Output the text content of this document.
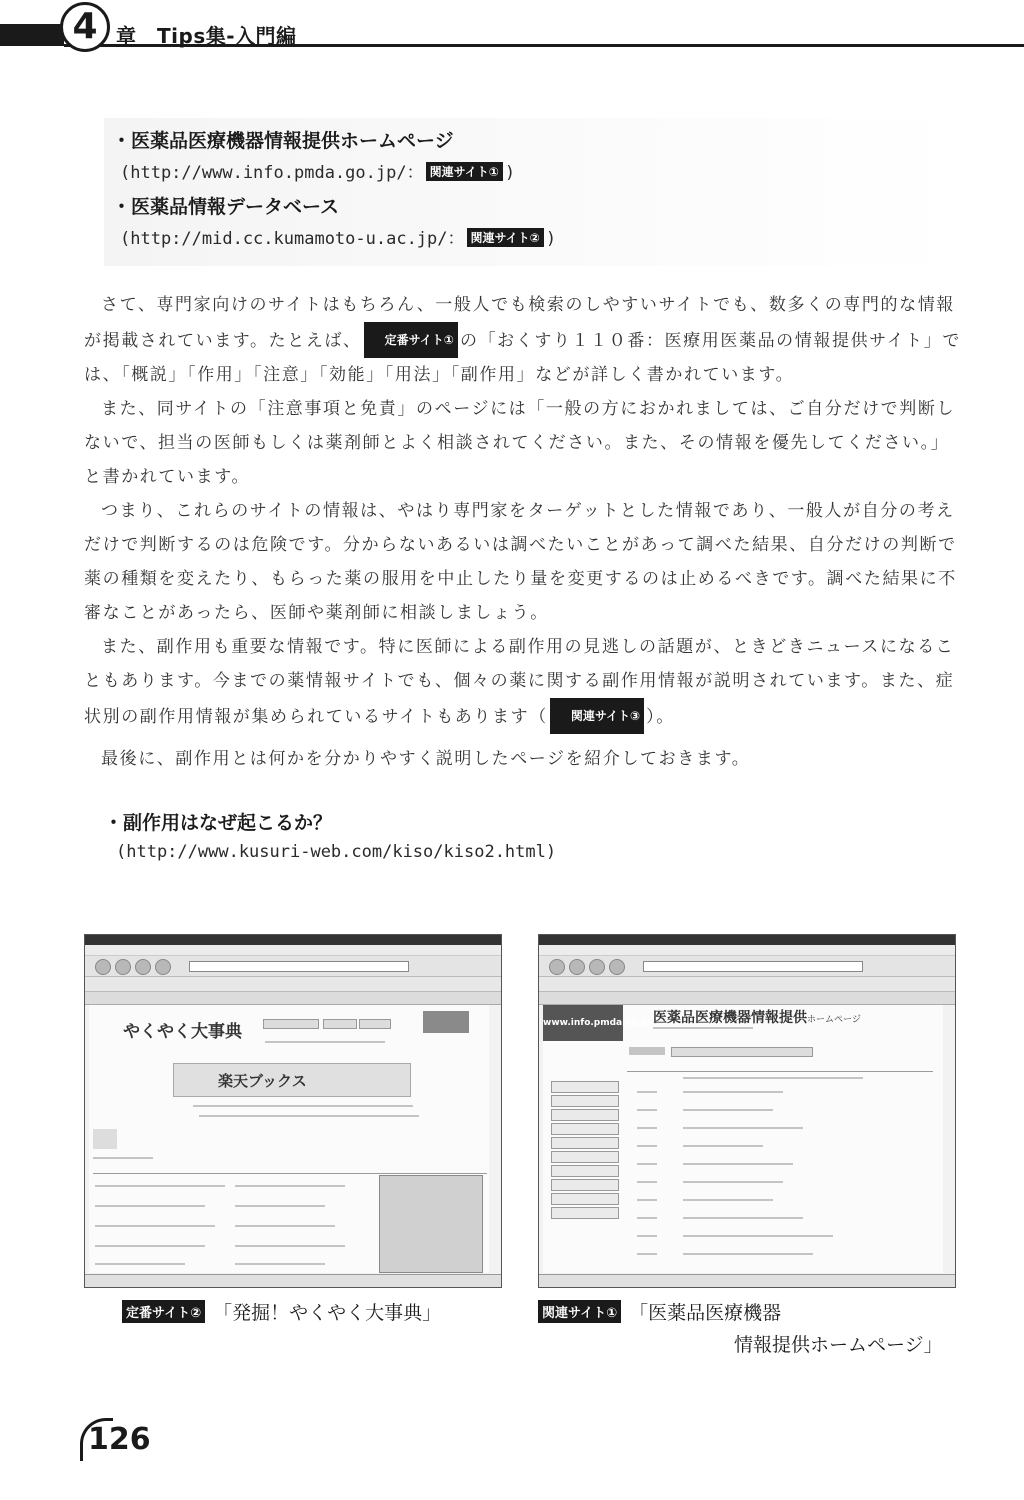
4 章　Tips集-入門編
・医薬品医療機器情報提供ホームページ
(http://www.info.pmda.go.jp/： 関連サイト① )
・医薬品情報データベース
(http://mid.cc.kumamoto-u.ac.jp/： 関連サイト② )

さて、専門家向けのサイトはもちろん、一般人でも検索のしやすいサイトでも、数多くの専門的な情報が掲載されています。たとえば、 定番サイト① の「おくすり１１０番：医療用医薬品の情報提供サイト」では、「概説」「作用」「注意」「効能」「用法」「副作用」などが詳しく書かれています。

また、同サイトの「注意事項と免責」のページには「一般の方におかれましては、ご自分だけで判断しないで、担当の医師もしくは薬剤師とよく相談されてください。また、その情報を優先してください。」と書かれています。

つまり、これらのサイトの情報は、やはり専門家をターゲットとした情報であり、一般人が自分の考えだけで判断するのは危険です。分からないあるいは調べたいことがあって調べた結果、自分だけの判断で薬の種類を変えたり、もらった薬の服用を中止したり量を変更するのは止めるべきです。調べた結果に不審なことがあったら、医師や薬剤師に相談しましょう。

また、副作用も重要な情報です。特に医師による副作用の見逃しの話題が、ときどきニュースになることもあります。今までの薬情報サイトでも、個々の薬に関する副作用情報が説明されています。また、症状別の副作用情報が集められているサイトもあります（ 関連サイト③ ）。

最後に、副作用とは何かを分かりやすく説明したページを紹介しておきます。

・副作用はなぜ起こるか？
(http://www.kusuri-web.com/kiso/kiso2.html)
やくやく大事典
楽天ブックス
www.info.pmda.go.jp 医薬品医療機器情報提供ホームページ
定番サイト② 「発掘！やくやく大事典」	関連サイト① 「医薬品医療機器
情報提供ホームページ」
126
